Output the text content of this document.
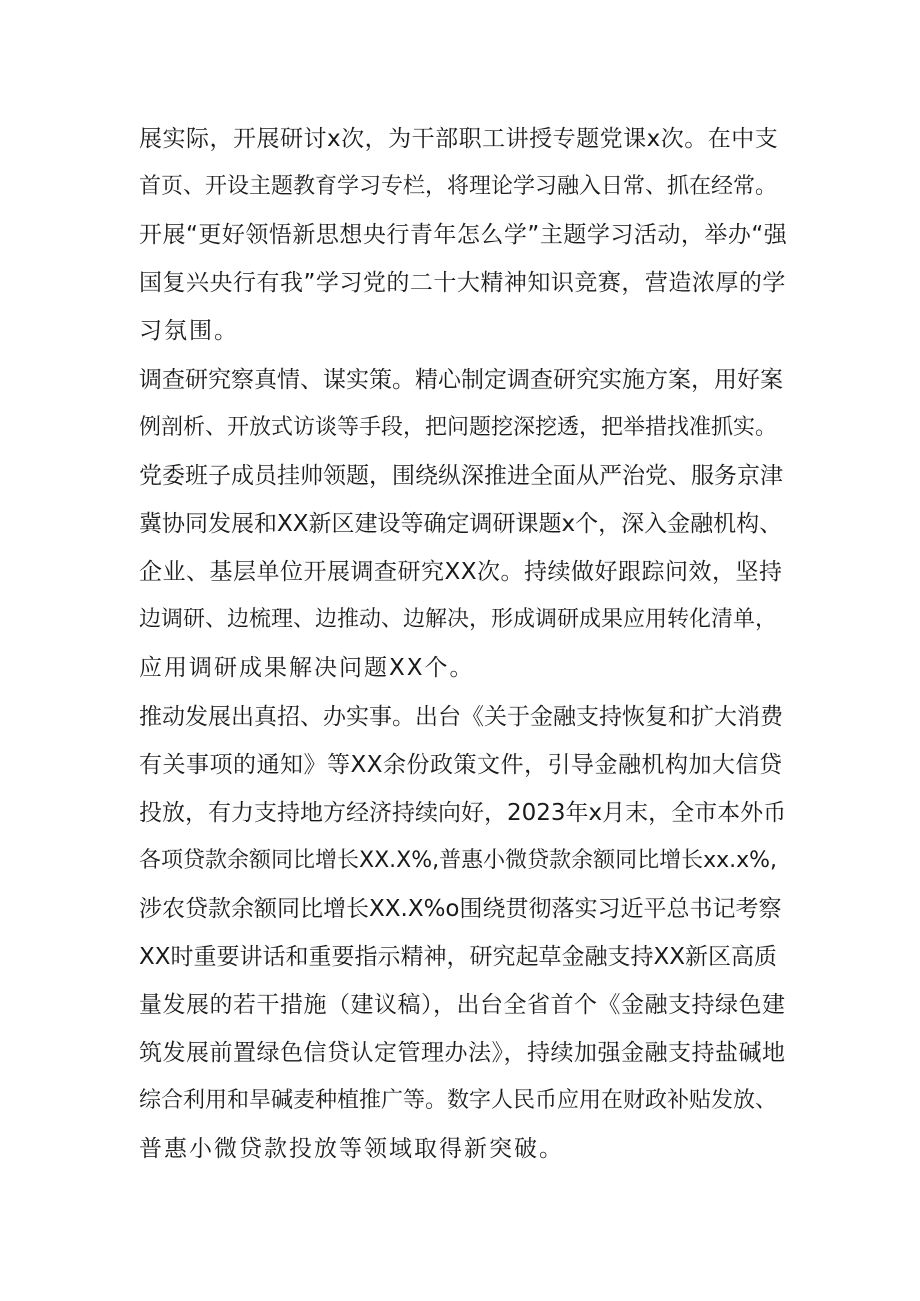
展实际，开展研讨x次，为干部职工讲授专题党课x次。在中支

首页、开设主题教育学习专栏，将理论学习融入日常、抓在经常。

开展“更好领悟新思想央行青年怎么学”主题学习活动，举办“强

国复兴央行有我”学习党的二十大精神知识竞赛，营造浓厚的学

习氛围。

调查研究察真情、谋实策。精心制定调查研究实施方案，用好案

例剖析、开放式访谈等手段，把问题挖深挖透，把举措找准抓实。

党委班子成员挂帅领题，围绕纵深推进全面从严治党、服务京津

冀协同发展和XX新区建设等确定调研课题x个，深入金融机构、

企业、基层单位开展调查研究XX次。持续做好跟踪问效，坚持

边调研、边梳理、边推动、边解决，形成调研成果应用转化清单，

应用调研成果解决问题XX个。

推动发展出真招、办实事。出台《关于金融支持恢复和扩大消费

有关事项的通知》等XX余份政策文件，引导金融机构加大信贷

投放，有力支持地方经济持续向好，2023年x月末，全市本外币

各项贷款余额同比增长XX.X%,普惠小微贷款余额同比增长xx.x%,

涉农贷款余额同比增长XX.X%o围绕贯彻落实习近平总书记考察

XX时重要讲话和重要指示精神，研究起草金融支持XX新区高质

量发展的若干措施（建议稿），出台全省首个《金融支持绿色建

筑发展前置绿色信贷认定管理办法》，持续加强金融支持盐碱地

综合利用和旱碱麦种植推广等。数字人民币应用在财政补贴发放、

普惠小微贷款投放等领域取得新突破。
